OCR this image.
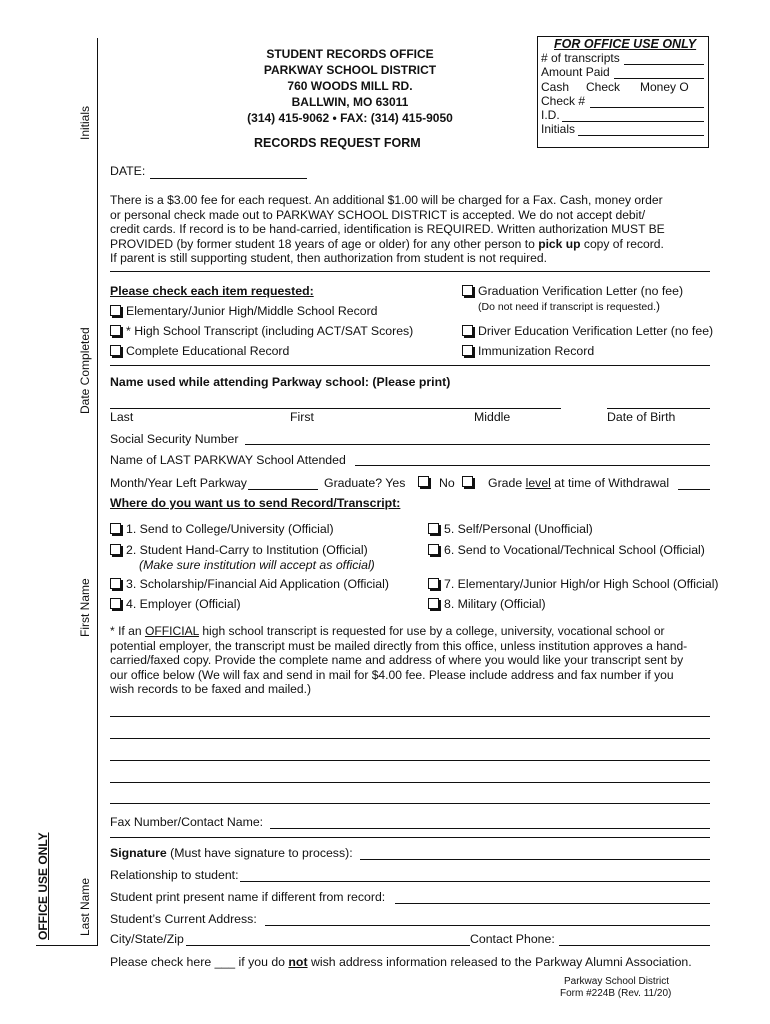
Initials
Date Completed
First Name
Last Name
OFFICE USE ONLY
STUDENT RECORDS OFFICE
PARKWAY SCHOOL DISTRICT
760 WOODS MILL RD.
BALLWIN, MO 63011
(314) 415-9062 • FAX: (314) 415-9050
RECORDS REQUEST FORM
FOR OFFICE USE ONLY
# of transcripts
Amount Paid
Cash Check Money O
Check #
I.D.
Initials
DATE:
There is a $3.00 fee for each request. An additional $1.00 will be charged for a Fax. Cash, money order
or personal check made out to PARKWAY SCHOOL DISTRICT is accepted. We do not accept debit/
credit cards. If record is to be hand-carried, identification is REQUIRED. Written authorization MUST BE
PROVIDED (by former student 18 years of age or older) for any other person to pick up copy of record.
If parent is still supporting student, then authorization from student is not required.
Please check each item requested:
Elementary/Junior High/Middle School Record
* High School Transcript (including ACT/SAT Scores)
Complete Educational Record
Graduation Verification Letter (no fee)
(Do not need if transcript is requested.)
Driver Education Verification Letter (no fee)
Immunization Record
Name used while attending Parkway school: (Please print)
Last	First	Middle	Date of Birth
Social Security Number
Name of LAST PARKWAY School Attended
Month/Year Left Parkway	Graduate? Yes	No	Grade level at time of Withdrawal
Where do you want us to send Record/Transcript:
1. Send to College/University (Official)
2. Student Hand-Carry to Institution (Official)
(Make sure institution will accept as official)
3. Scholarship/Financial Aid Application (Official)
4. Employer (Official)
5. Self/Personal (Unofficial)
6. Send to Vocational/Technical School (Official)
7. Elementary/Junior High/or High School (Official)
8. Military (Official)
* If an OFFICIAL high school transcript is requested for use by a college, university, vocational school or
potential employer, the transcript must be mailed directly from this office, unless institution approves a hand-
carried/faxed copy. Provide the complete name and address of where you would like your transcript sent by
our office below (We will fax and send in mail for $4.00 fee. Please include address and fax number if you
wish records to be faxed and mailed.)
Fax Number/Contact Name:
Signature (Must have signature to process):
Relationship to student:
Student print present name if different from record:
Student’s Current Address:
City/State/Zip	Contact Phone:
Please check here ___ if you do not wish address information released to the Parkway Alumni Association.
Parkway School District
Form #224B (Rev. 11/20)
